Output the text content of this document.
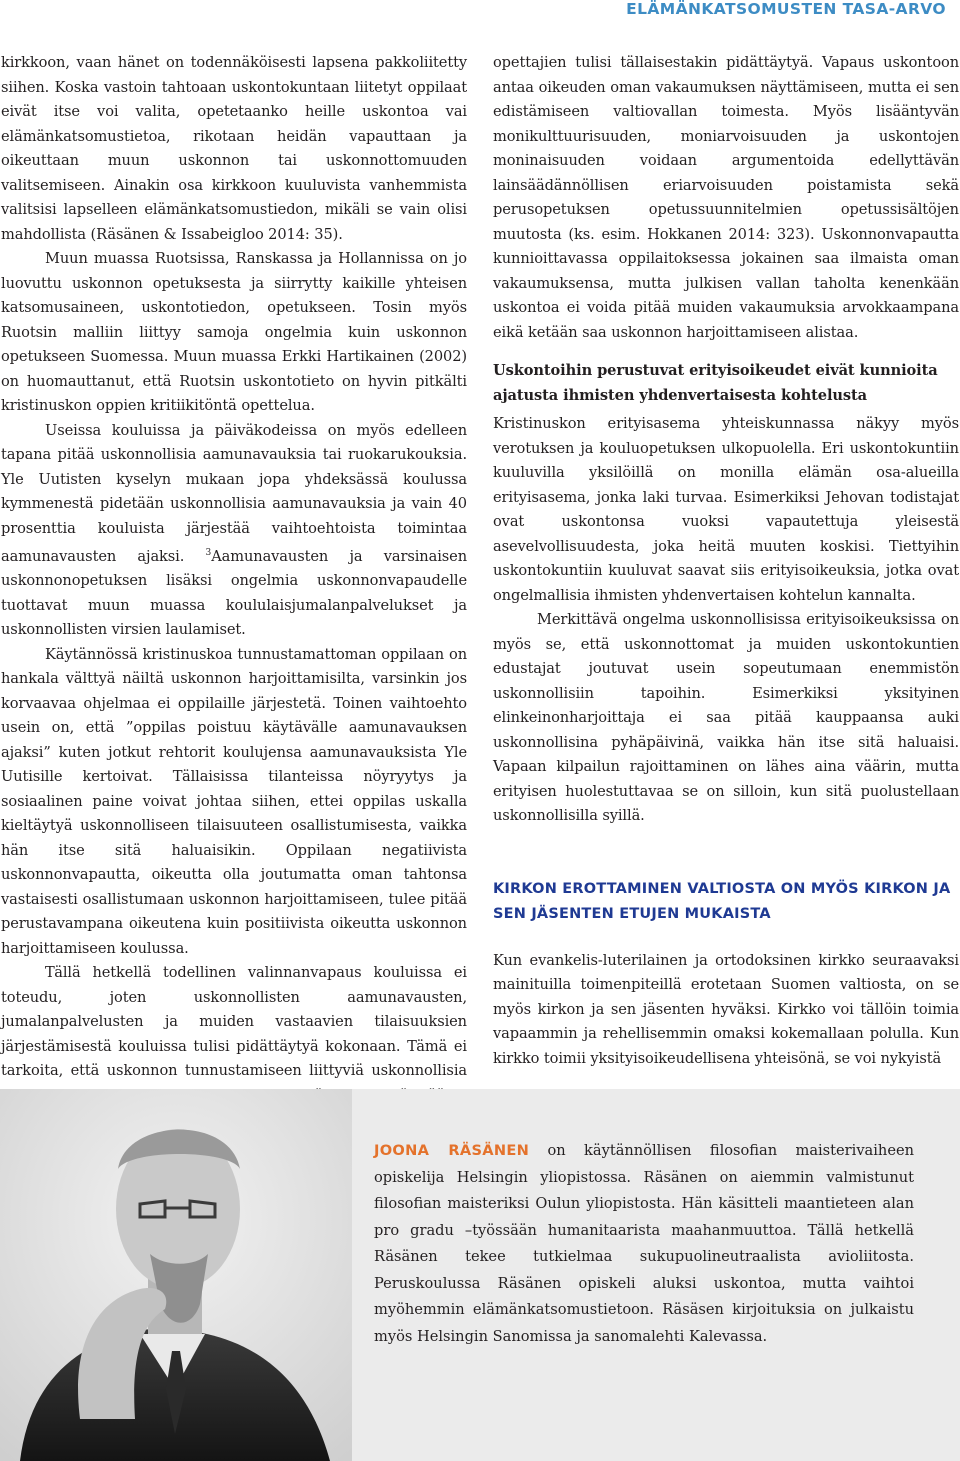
ELÄMÄNKATSOMUSTEN TASA-ARVO

kirkkoon, vaan hänet on todennäköisesti lapsena pakkoliitetty siihen. Koska vastoin tahtoaan uskontokuntaan liitetyt oppilaat eivät itse voi valita, opetetaanko heille uskontoa vai elämänkatsomustietoa, rikotaan heidän vapauttaan ja oikeuttaan muun uskonnon tai uskonnottomuuden valitsemiseen. Ainakin osa kirkkoon kuuluvista vanhemmista valitsisi lapselleen elämänkatsomustiedon, mikäli se vain olisi mahdollista (Räsänen & Issabeigloo 2014: 35).

Muun muassa Ruotsissa, Ranskassa ja Hollannissa on jo luovuttu uskonnon opetuksesta ja siirrytty kaikille yhteisen katsomusaineen, uskontotiedon, opetukseen. Tosin myös Ruotsin malliin liittyy samoja ongelmia kuin uskonnon opetukseen Suomessa. Muun muassa Erkki Hartikainen (2002) on huomauttanut, että Ruotsin uskontotieto on hyvin pitkälti kristinuskon oppien kritiikitöntä opettelua.

Useissa kouluissa ja päiväkodeissa on myös edelleen tapana pitää uskonnollisia aamunavauksia tai ruokarukouksia. Yle Uutisten kyselyn mukaan jopa yhdeksässä koulussa kymmenestä pidetään uskonnollisia aamunavauksia ja vain 40 prosenttia kouluista järjestää vaihtoehtoista toimintaa aamunavausten ajaksi. $^3$Aamunavausten ja varsinaisen uskonnonopetuksen lisäksi ongelmia uskonnonvapaudelle tuottavat muun muassa koululaisjumalanpalvelukset ja uskonnollisten virsien laulamiset.

Käytännössä kristinuskoa tunnustamattoman oppilaan on hankala välttyä näiltä uskonnon harjoittamisilta, varsinkin jos korvaavaa ohjelmaa ei oppilaille järjestetä. Toinen vaihtoehto usein on, että ”oppilas poistuu käytävälle aamunavauksen ajaksi” kuten jotkut rehtorit koulujensa aamunavauksista Yle Uutisille kertoivat. Tällaisissa tilanteissa nöyryytys ja sosiaalinen paine voivat johtaa siihen, ettei oppilas uskalla kieltäytyä uskonnolliseen tilaisuuteen osallistumisesta, vaikka hän itse sitä haluaisikin. Oppilaan negatiivista uskonnonvapautta, oikeutta olla joutumatta oman tahtonsa vastaisesti osallistumaan uskonnon harjoittamiseen, tulee pitää perustavampana oikeutena kuin positiivista oikeutta uskonnon harjoittamiseen koulussa.

Tällä hetkellä todellinen valinnanvapaus kouluissa ei toteudu, joten uskonnollisten aamunavausten, jumalanpalvelusten ja muiden vastaavien tilaisuuksien järjestämisestä kouluissa tulisi pidättäytyä kokonaan. Tämä ei tarkoita, että uskonnon tunnustamiseen liittyviä uskonnollisia

opettajien tulisi tällaisestakin pidättäytyä. Vapaus uskontoon antaa oikeuden oman vakaumuksen näyttämiseen, mutta ei sen edistämiseen valtiovallan toimesta. Myös lisääntyvän monikulttuurisuuden, moniarvoisuuden ja uskontojen moninaisuuden voidaan argumentoida edellyttävän lainsäädännöllisen eriarvoisuuden poistamista sekä perusopetuksen opetussuunnitelmien opetussisältöjen muutosta (ks. esim. Hokkanen 2014: 323). Uskonnonvapautta kunnioittavassa oppilaitoksessa jokainen saa ilmaista oman vakaumuksensa, mutta julkisen vallan taholta kenenkään uskontoa ei voida pitää muiden vakaumuksia arvokkaampana eikä ketään saa uskonnon harjoittamiseen alistaa.

Uskontoihin perustuvat erityisoikeudet eivät kunnioita ajatusta ihmisten yhdenvertaisesta kohtelusta

Kristinuskon erityisasema yhteiskunnassa näkyy myös verotuksen ja kouluopetuksen ulkopuolella. Eri uskontokuntiin kuuluvilla yksilöillä on monilla elämän osa-alueilla erityisasema, jonka laki turvaa. Esimerkiksi Jehovan todistajat ovat uskontonsa vuoksi vapautettuja yleisestä asevelvollisuudesta, joka heitä muuten koskisi. Tiettyihin uskontokuntiin kuuluvat saavat siis erityisoikeuksia, jotka ovat ongelmallisia ihmisten yhdenvertaisen kohtelun kannalta.

Merkittävä ongelma uskonnollisissa erityisoikeuksissa on myös se, että uskonnottomat ja muiden uskontokuntien edustajat joutuvat usein sopeutumaan enemmistön uskonnollisiin tapoihin. Esimerkiksi yksityinen elinkeinonharjoittaja ei saa pitää kauppaansa auki uskonnollisina pyhäpäivinä, vaikka hän itse sitä haluaisi. Vapaan kilpailun rajoittaminen on lähes aina väärin, mutta erityisen huolestuttavaa se on silloin, kun sitä puolustellaan uskonnollisilla syillä.

KIRKON EROTTAMINEN VALTIOSTA ON MYÖS KIRKON JA SEN JÄSENTEN ETUJEN MUKAISTA

Kun evankelis-luterilainen ja ortodoksinen kirkko seuraavaksi mainituilla toimenpiteillä erotetaan Suomen valtiosta, on se myös kirkon ja sen jäsenten hyväksi. Kirkko voi tällöin toimia vapaammin ja rehellisemmin omaksi kokemallaan polulla. Kun kirkko toimii yksityisoikeudellisena yhteisönä, se voi nykyistä

JOONA RÄSÄNEN on käytännöllisen filosofian maisterivaiheen opiskelija Helsingin yliopistossa. Räsänen on aiemmin valmistunut filosofian maisteriksi Oulun yliopistosta. Hän käsitteli maantieteen alan pro gradu –työssään humanitaarista maahanmuuttoa. Tällä hetkellä Räsänen tekee tutkielmaa sukupuolineutraalista avioliitosta. Peruskoulussa Räsänen opiskeli aluksi uskontoa, mutta vaihtoi myöhemmin elämänkatsomustietoon. Räsäsen kirjoituksia on julkaistu myös Helsingin Sanomissa ja sanomalehti Kalevassa.
